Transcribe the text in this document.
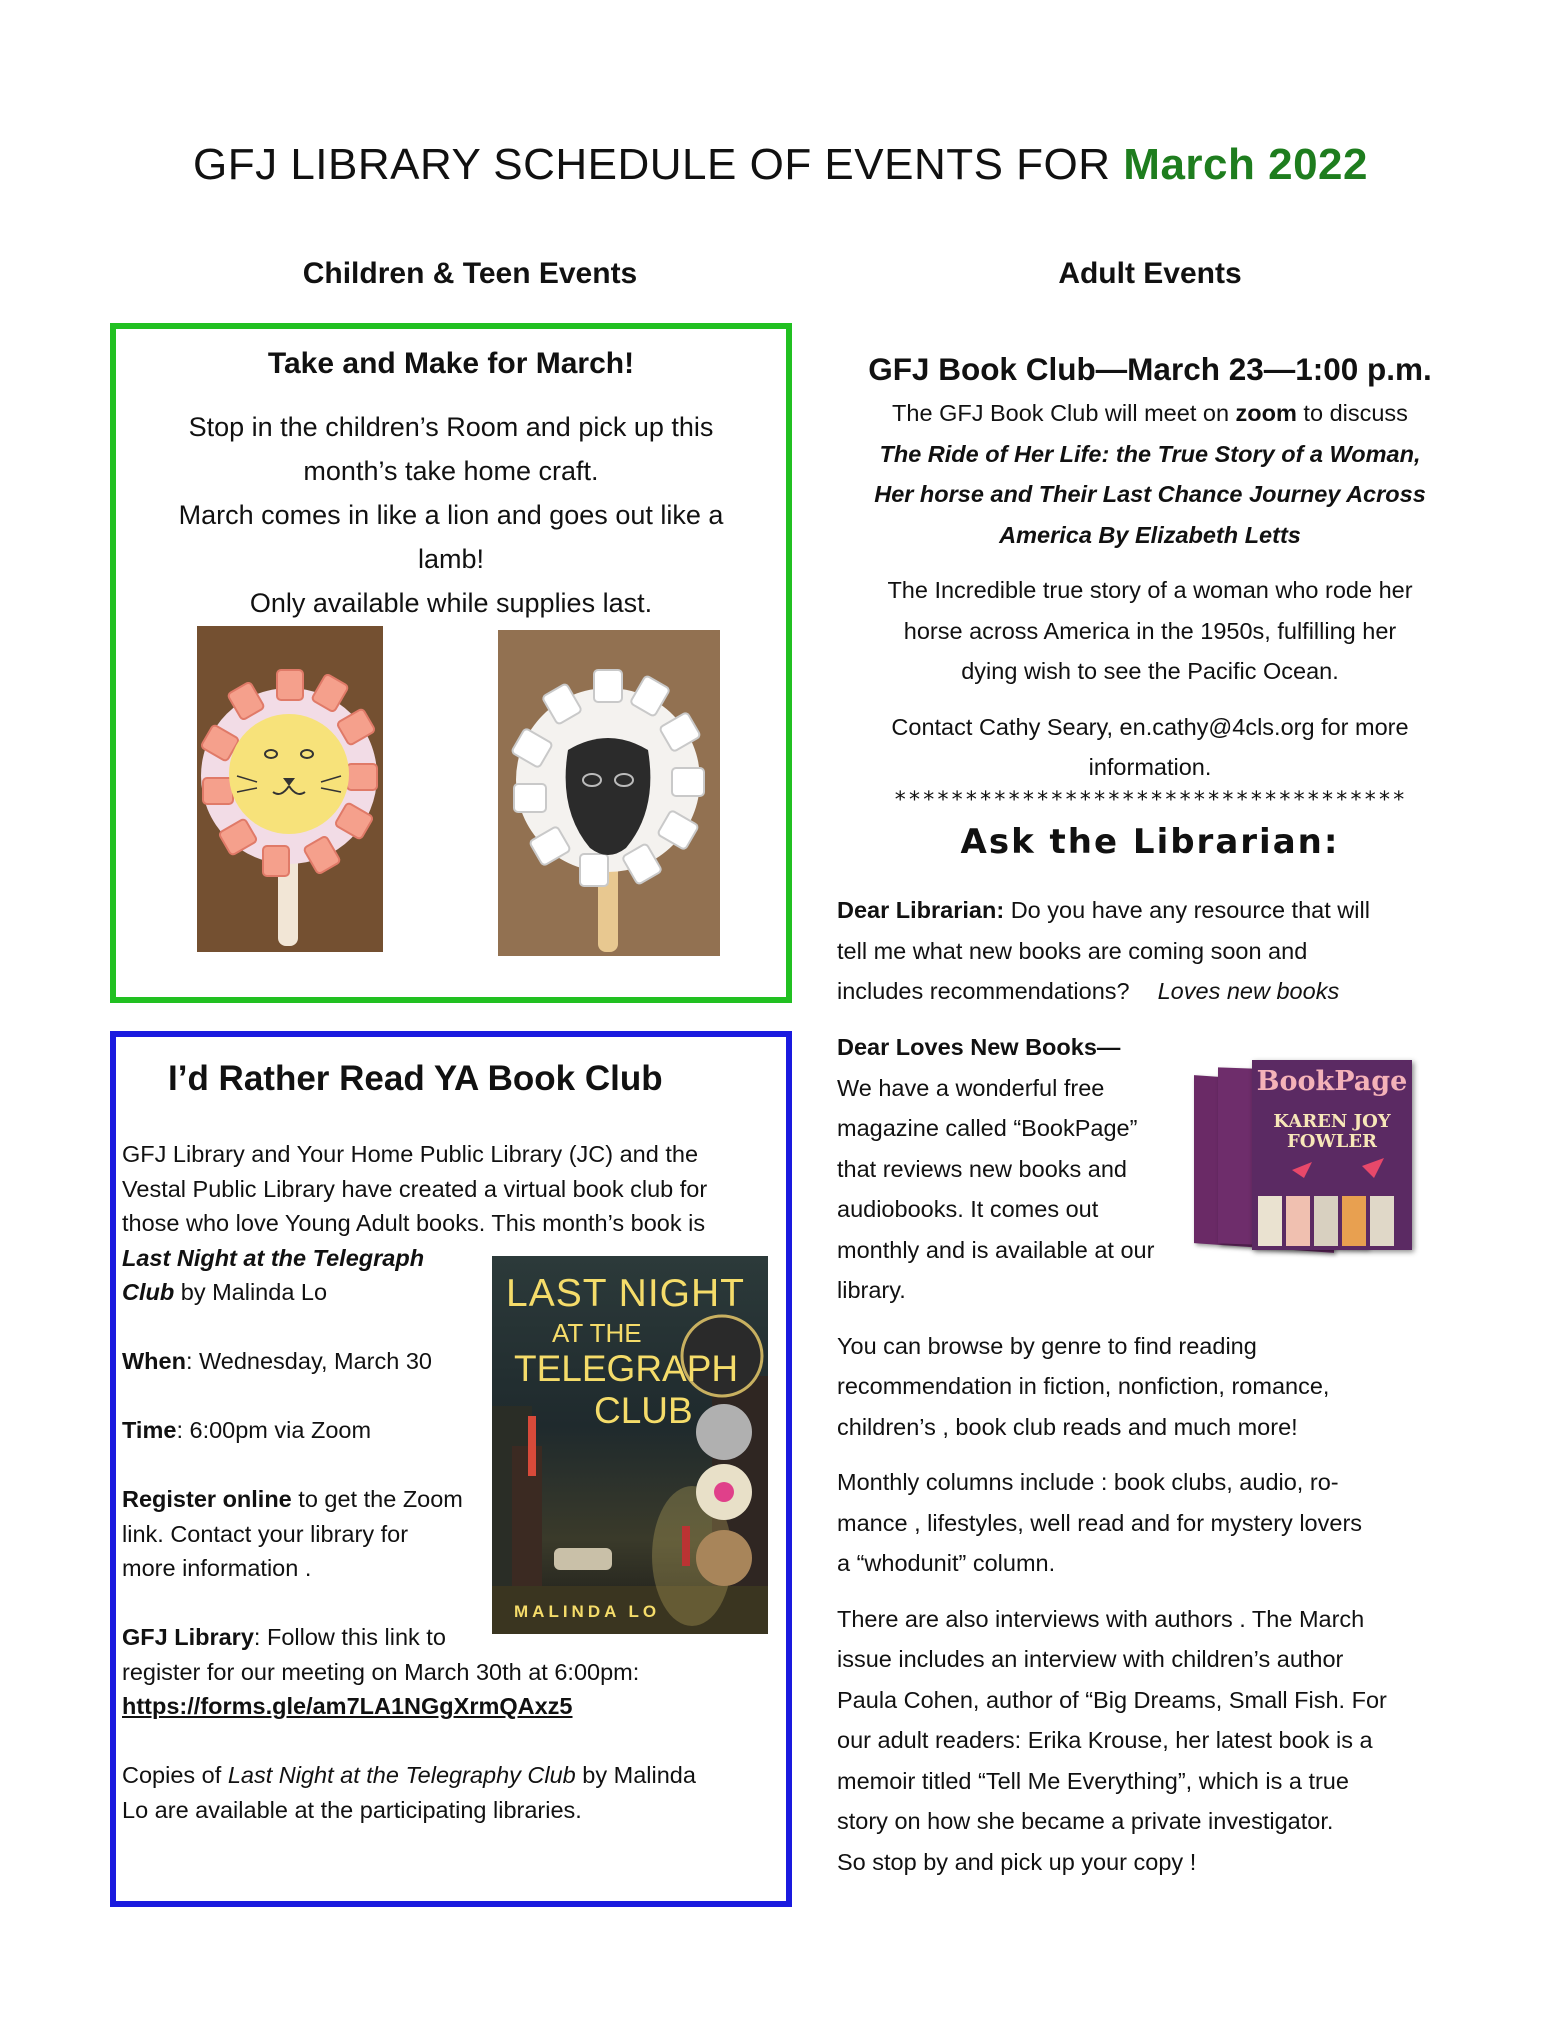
GFJ LIBRARY SCHEDULE OF EVENTS FOR March 2022
Children & Teen Events	Adult Events
Take and Make for March!
Stop in the children’s Room and pick up this
month’s take home craft.
March comes in like a lion and goes out like a
lamb!
Only available while supplies last.
I’d Rather Read YA Book Club
GFJ Library and Your Home Public Library (JC) and the
Vestal Public Library have created a virtual book club for
those who love Young Adult books. This month’s book is
Last Night at the Telegraph
Club by Malinda Lo
When: Wednesday, March 30
Time: 6:00pm via Zoom
Register online to get the Zoom
link. Contact your library for
more information .
GFJ Library: Follow this link to
register for our meeting on March 30th at 6:00pm:
https://forms.gle/am7LA1NGgXrmQAxz5
Copies of Last Night at the Telegraphy Club by Malinda
Lo are available at the participating libraries.
LAST NIGHT
AT THE
TELEGRAPH
CLUB
MALINDA LO
GFJ Book Club—March 23—1:00 p.m.
The GFJ Book Club will meet on zoom to discuss
The Ride of Her Life: the True Story of a Woman,
Her horse and Their Last Chance Journey Across
America By Elizabeth Letts
The Incredible true story of a woman who rode her
horse across America in the 1950s, fulfilling her
dying wish to see the Pacific Ocean.
Contact Cathy Seary, en.cathy@4cls.org for more
information.
************************************
Ask the Librarian:
Dear Librarian: Do you have any resource that will
tell me what new books are coming soon and
includes recommendations? Loves new books
Dear Loves New Books—
We have a wonderful free
magazine called “BookPage”
that reviews new books and
audiobooks. It comes out
monthly and is available at our
library.
You can browse by genre to find reading
recommendation in fiction, nonfiction, romance,
children’s , book club reads and much more!
Monthly columns include : book clubs, audio, ro-
mance , lifestyles, well read and for mystery lovers
a “whodunit” column.
There are also interviews with authors . The March
issue includes an interview with children’s author
Paula Cohen, author of “Big Dreams, Small Fish. For
our adult readers: Erika Krouse, her latest book is a
memoir titled “Tell Me Everything”, which is a true
story on how she became a private investigator.
So stop by and pick up your copy !
BookPage
KAREN JOY FOWLER
